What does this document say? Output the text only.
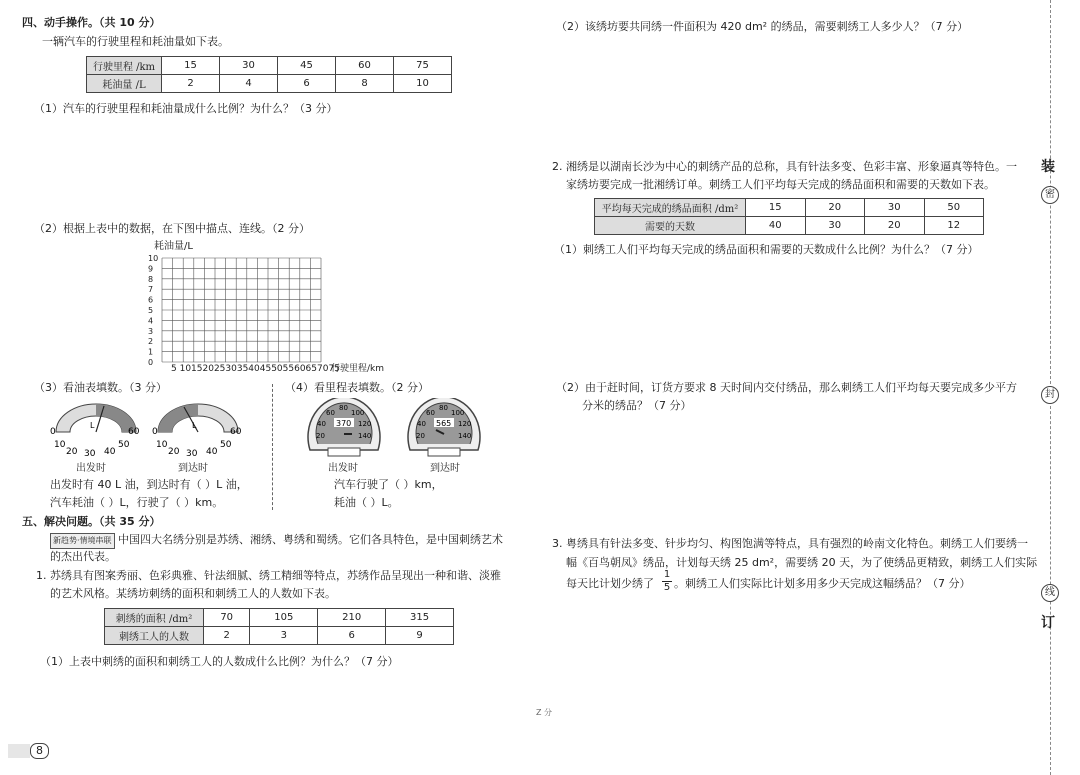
四、动手操作。（共 10 分）
一辆汽车的行驶里程和耗油量如下表。
行驶里程 /km	15	30	45	60	75
耗油量 /L	2	4	6	8	10
（1）汽车的行驶里程和耗油量成什么比例？为什么？（3 分）
（2）根据上表中的数据，在下图中描点、连线。（2 分）
耗油量/L
10
9
8
7
6
5
4
3
2
1
0
5 1015202530354045505560657075
行驶里程/km
（3）看油表填数。（3 分）	（4）看里程表填数。（2 分）
L
0
10
20 30 40
50
60
L
0
10
20 30 40
50
60
370
20
40
60
80
100
120
140
565
20
40
60
80
100
120
140
出发时	到达时	出发时	到达时
出发时有 40 L 油，到达时有（ ）L 油，
汽车耗油（ ）L，行驶了（ ）km。
汽车行驶了（ ）km，
耗油（ ）L。
五、解决问题。（共 35 分）
新趋势·情境串联 中国四大名绣分别是苏绣、湘绣、粤绣和蜀绣。它们各具特色，是中国刺绣艺术
的杰出代表。
1. 苏绣具有图案秀丽、色彩典雅、针法细腻、绣工精细等特点，苏绣作品呈现出一种和谐、淡雅
的艺术风格。某绣坊刺绣的面积和刺绣工人的人数如下表。
刺绣的面积 /dm²	70	105	210	315
刺绣工人的人数	2	3	6	9
（1）上表中刺绣的面积和刺绣工人的人数成什么比例？为什么？（7 分）
8
（2）该绣坊要共同绣一件面积为 420 dm² 的绣品，需要刺绣工人多少人？（7 分）
2. 湘绣是以湖南长沙为中心的刺绣产品的总称，具有针法多变、色彩丰富、形象逼真等特色。一
家绣坊要完成一批湘绣订单。刺绣工人们平均每天完成的绣品面积和需要的天数如下表。
平均每天完成的绣品面积 /dm²	15	20	30	50
需要的天数	40	30	20	12
（1）刺绣工人们平均每天完成的绣品面积和需要的天数成什么比例？为什么？（7 分）
（2）由于赶时间，订货方要求 8 天时间内交付绣品，那么刺绣工人们平均每天要完成多少平方
分米的绣品？（7 分）
3. 粤绣具有针法多变、针步均匀、构图饱满等特点，具有强烈的岭南文化特色。刺绣工人们要绣一
幅《百鸟朝凤》绣品，计划每天绣 25 dm²，需要绣 20 天，为了使绣品更精致，刺绣工人们实际
每天比计划少绣了 $\frac{1}{5}$ 。刺绣工人们实际比计划多用多少天完成这幅绣品？（7 分）
Z 分
装
密
封
线
订
